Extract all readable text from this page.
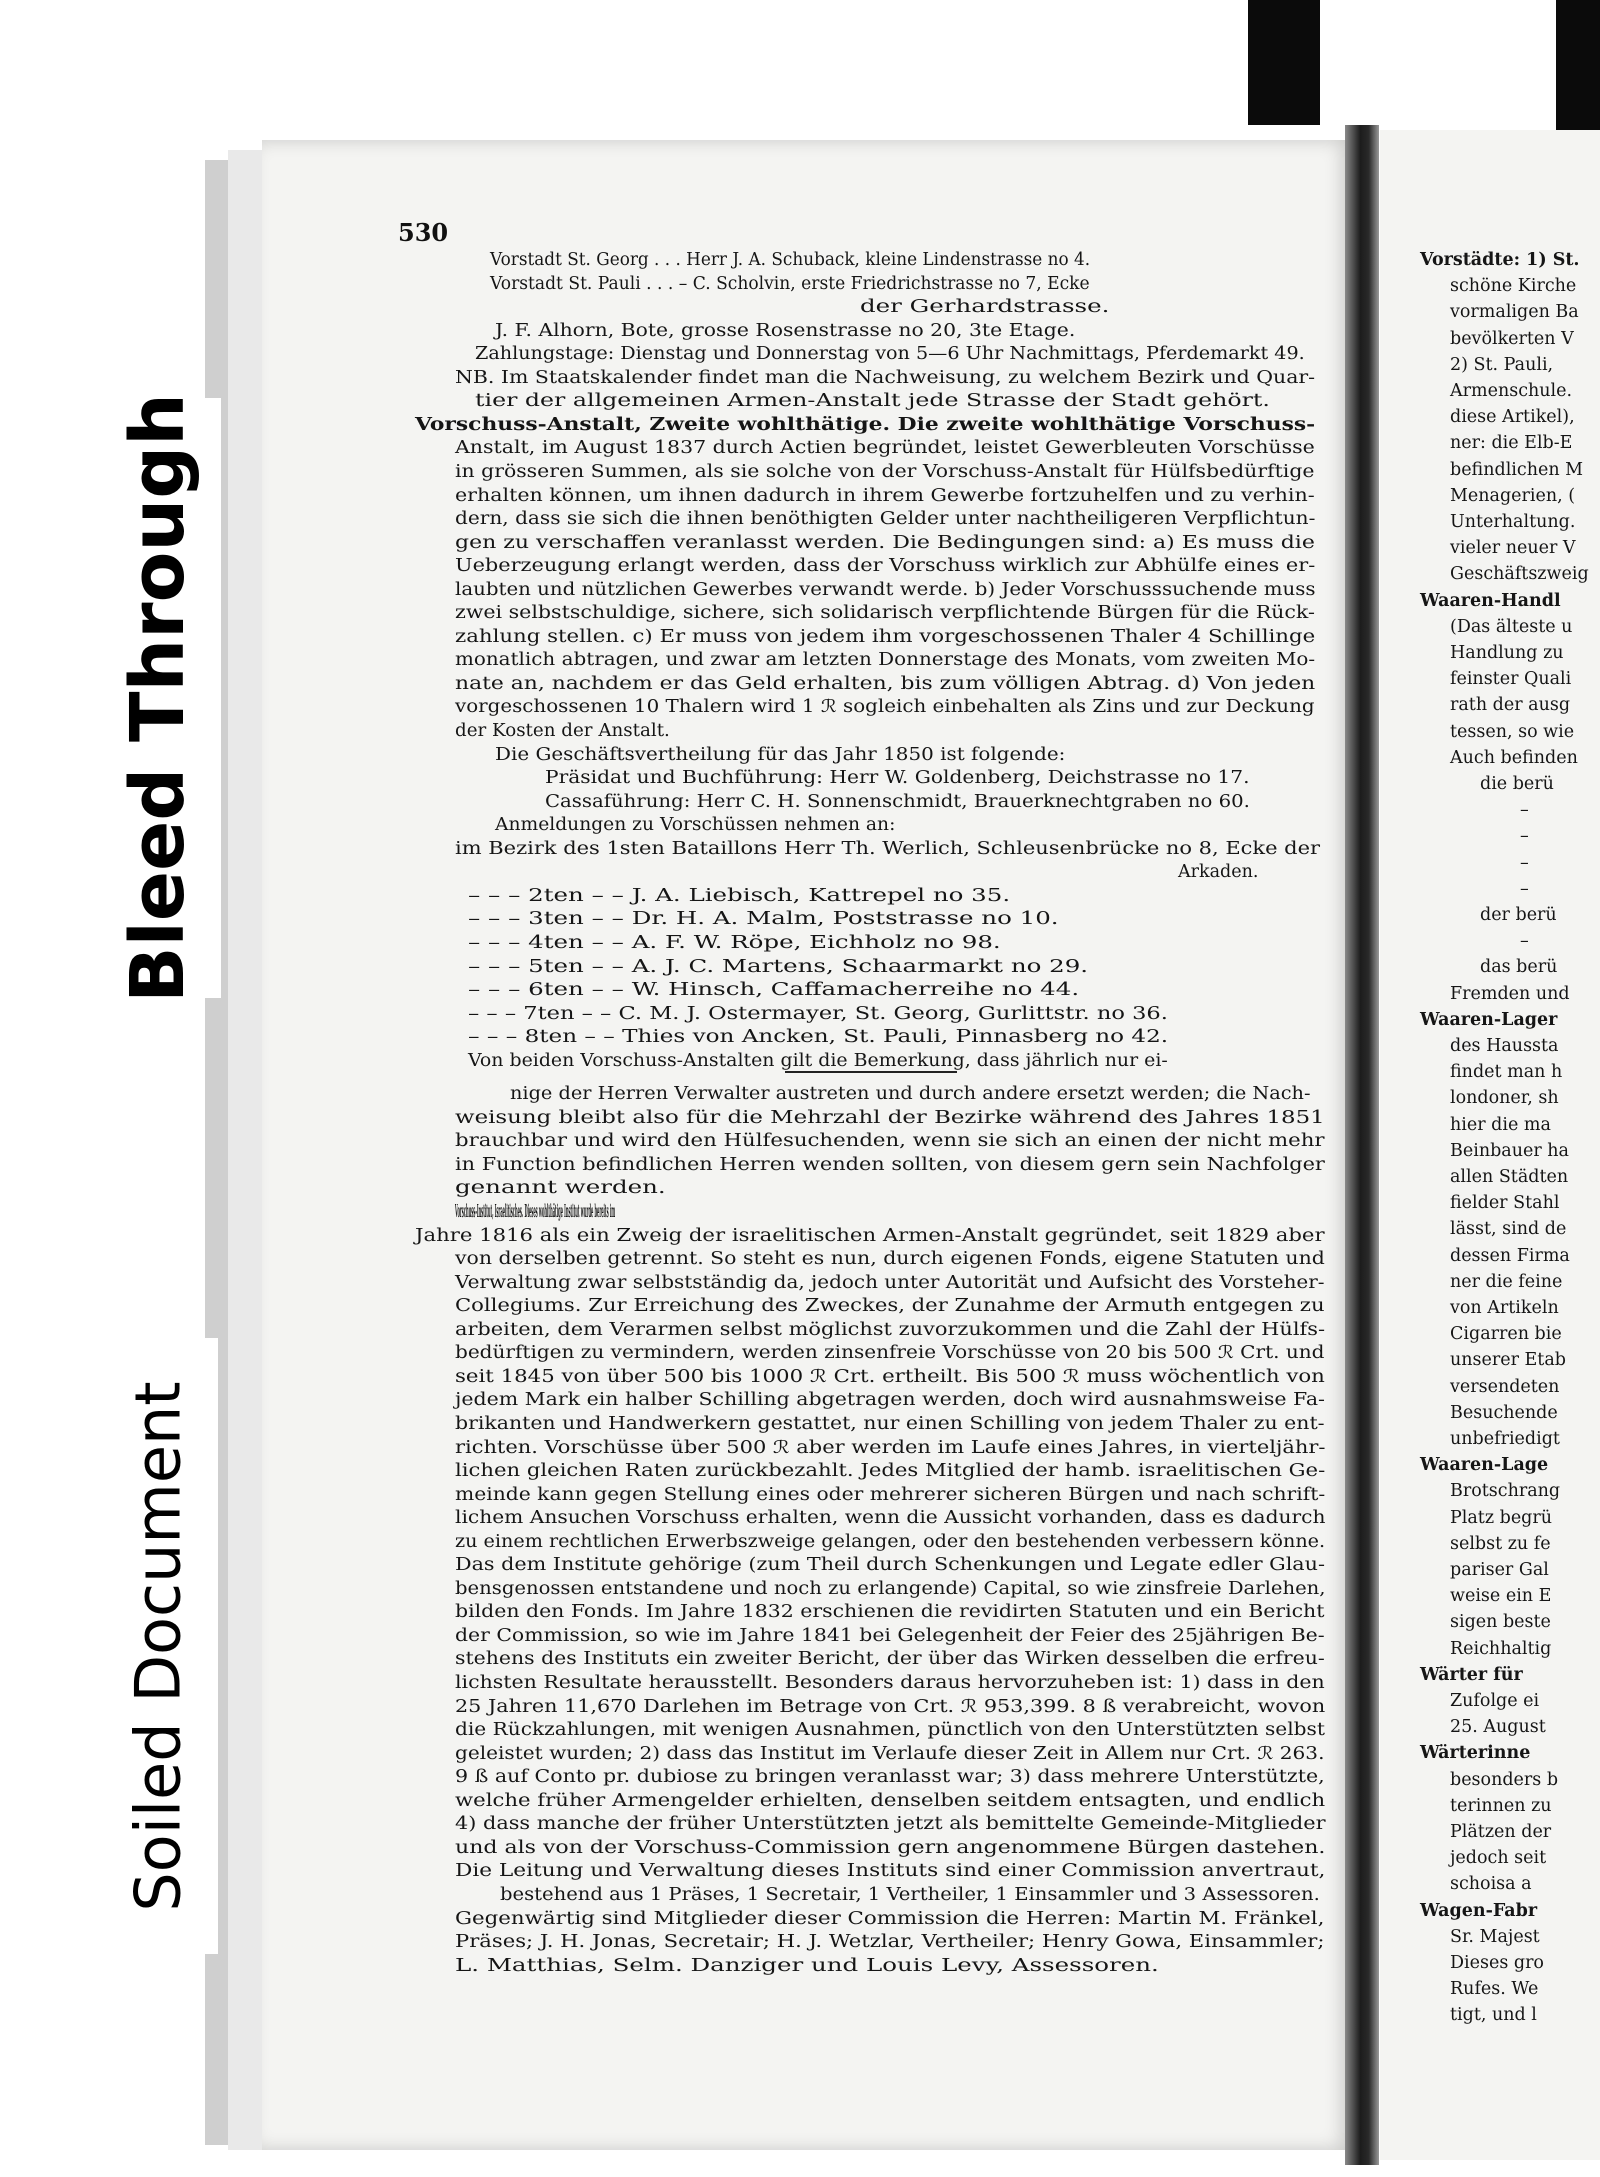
Vorstädte: 1) St.
schöne Kirche
vormaligen Ba
bevölkerten V
2) St. Pauli,
Armenschule.
diese Artikel),
ner: die Elb-E
befindlichen M
Menagerien, (
Unterhaltung.
vieler neuer V
Geschäftszweig
Waaren-Handl
(Das älteste u
Handlung zu
feinster Quali
rath der ausg
tessen, so wie
Auch befinden
die berü
–
–
–
–
der berü
–
das berü
Fremden und
Waaren-Lager
des Haussta
findet man h
londoner, sh
hier die ma
Beinbauer ha
allen Städten
fielder Stahl
lässt, sind de
dessen Firma
ner die feine
von Artikeln
Cigarren bie
unserer Etab
versendeten
Besuchende
unbefriedigt
Waaren-Lage
Brotschrang
Platz begrü
selbst zu fe
pariser Gal
weise ein E
sigen beste
Reichhaltig
Wärter für
Zufolge ei
25. August
Wärterinne
besonders b
terinnen zu
Plätzen der
jedoch seit
schoisa a
Wagen-Fabr
Sr. Majest
Dieses gro
Rufes. We
tigt, und l
530
Vorstadt St. Georg . . . Herr J. A. Schuback, kleine Lindenstrasse no 4.
Vorstadt St. Pauli . . . – C. Scholvin, erste Friedrichstrasse no 7, Ecke
der Gerhardstrasse.
J. F. Alhorn, Bote, grosse Rosenstrasse no 20, 3te Etage.
Zahlungstage: Dienstag und Donnerstag von 5—6 Uhr Nachmittags, Pferdemarkt 49.
NB. Im Staatskalender findet man die Nachweisung, zu welchem Bezirk und Quar-
tier der allgemeinen Armen-Anstalt jede Strasse der Stadt gehört.
Vorschuss-Anstalt, Zweite wohlthätige. Die zweite wohlthätige Vorschuss-
Anstalt, im August 1837 durch Actien begründet, leistet Gewerbleuten Vorschüsse
in grösseren Summen, als sie solche von der Vorschuss-Anstalt für Hülfsbedürftige
erhalten können, um ihnen dadurch in ihrem Gewerbe fortzuhelfen und zu verhin-
dern, dass sie sich die ihnen benöthigten Gelder unter nachtheiligeren Verpflichtun-
gen zu verschaffen veranlasst werden. Die Bedingungen sind: a) Es muss die
Ueberzeugung erlangt werden, dass der Vorschuss wirklich zur Abhülfe eines er-
laubten und nützlichen Gewerbes verwandt werde. b) Jeder Vorschusssuchende muss
zwei selbstschuldige, sichere, sich solidarisch verpflichtende Bürgen für die Rück-
zahlung stellen. c) Er muss von jedem ihm vorgeschossenen Thaler 4 Schillinge
monatlich abtragen, und zwar am letzten Donnerstage des Monats, vom zweiten Mo-
nate an, nachdem er das Geld erhalten, bis zum völligen Abtrag. d) Von jeden
vorgeschossenen 10 Thalern wird 1 ℛ sogleich einbehalten als Zins und zur Deckung
der Kosten der Anstalt.
Die Geschäftsvertheilung für das Jahr 1850 ist folgende:
Präsidat und Buchführung: Herr W. Goldenberg, Deichstrasse no 17.
Cassaführung: Herr C. H. Sonnenschmidt, Brauerknechtgraben no 60.
Anmeldungen zu Vorschüssen nehmen an:
im Bezirk des 1sten Bataillons Herr Th. Werlich, Schleusenbrücke no 8, Ecke der
Arkaden.
– – – 2ten – – J. A. Liebisch, Kattrepel no 35.
– – – 3ten – – Dr. H. A. Malm, Poststrasse no 10.
– – – 4ten – – A. F. W. Röpe, Eichholz no 98.
– – – 5ten – – A. J. C. Martens, Schaarmarkt no 29.
– – – 6ten – – W. Hinsch, Caffamacherreihe no 44.
– – – 7ten – – C. M. J. Ostermayer, St. Georg, Gurlittstr. no 36.
– – – 8ten – – Thies von Ancken, St. Pauli, Pinnasberg no 42.
Von beiden Vorschuss-Anstalten gilt die Bemerkung, dass jährlich nur ei-
nige der Herren Verwalter austreten und durch andere ersetzt werden; die Nach-
weisung bleibt also für die Mehrzahl der Bezirke während des Jahres 1851
brauchbar und wird den Hülfesuchenden, wenn sie sich an einen der nicht mehr
in Function befindlichen Herren wenden sollten, von diesem gern sein Nachfolger
genannt werden.
Vorschuss-Institut, Israelitisches. Dieses wohlthätige Institut wurde bereits im
Jahre 1816 als ein Zweig der israelitischen Armen-Anstalt gegründet, seit 1829 aber
von derselben getrennt. So steht es nun, durch eigenen Fonds, eigene Statuten und
Verwaltung zwar selbstständig da, jedoch unter Autorität und Aufsicht des Vorsteher-
Collegiums. Zur Erreichung des Zweckes, der Zunahme der Armuth entgegen zu
arbeiten, dem Verarmen selbst möglichst zuvorzukommen und die Zahl der Hülfs-
bedürftigen zu vermindern, werden zinsenfreie Vorschüsse von 20 bis 500 ℛ Crt. und
seit 1845 von über 500 bis 1000 ℛ Crt. ertheilt. Bis 500 ℛ muss wöchentlich von
jedem Mark ein halber Schilling abgetragen werden, doch wird ausnahmsweise Fa-
brikanten und Handwerkern gestattet, nur einen Schilling von jedem Thaler zu ent-
richten. Vorschüsse über 500 ℛ aber werden im Laufe eines Jahres, in vierteljähr-
lichen gleichen Raten zurückbezahlt. Jedes Mitglied der hamb. israelitischen Ge-
meinde kann gegen Stellung eines oder mehrerer sicheren Bürgen und nach schrift-
lichem Ansuchen Vorschuss erhalten, wenn die Aussicht vorhanden, dass es dadurch
zu einem rechtlichen Erwerbszweige gelangen, oder den bestehenden verbessern könne.
Das dem Institute gehörige (zum Theil durch Schenkungen und Legate edler Glau-
bensgenossen entstandene und noch zu erlangende) Capital, so wie zinsfreie Darlehen,
bilden den Fonds. Im Jahre 1832 erschienen die revidirten Statuten und ein Bericht
der Commission, so wie im Jahre 1841 bei Gelegenheit der Feier des 25jährigen Be-
stehens des Instituts ein zweiter Bericht, der über das Wirken desselben die erfreu-
lichsten Resultate herausstellt. Besonders daraus hervorzuheben ist: 1) dass in den
25 Jahren 11,670 Darlehen im Betrage von Crt. ℛ 953,399. 8 ß verabreicht, wovon
die Rückzahlungen, mit wenigen Ausnahmen, pünctlich von den Unterstützten selbst
geleistet wurden; 2) dass das Institut im Verlaufe dieser Zeit in Allem nur Crt. ℛ 263.
9 ß auf Conto pr. dubiose zu bringen veranlasst war; 3) dass mehrere Unterstützte,
welche früher Armengelder erhielten, denselben seitdem entsagten, und endlich
4) dass manche der früher Unterstützten jetzt als bemittelte Gemeinde-Mitglieder
und als von der Vorschuss-Commission gern angenommene Bürgen dastehen.
Die Leitung und Verwaltung dieses Instituts sind einer Commission anvertraut,
bestehend aus 1 Präses, 1 Secretair, 1 Vertheiler, 1 Einsammler und 3 Assessoren.
Gegenwärtig sind Mitglieder dieser Commission die Herren: Martin M. Fränkel,
Präses; J. H. Jonas, Secretair; H. J. Wetzlar, Vertheiler; Henry Gowa, Einsammler;
L. Matthias, Selm. Danziger und Louis Levy, Assessoren.
Bleed Through
Soiled Document
